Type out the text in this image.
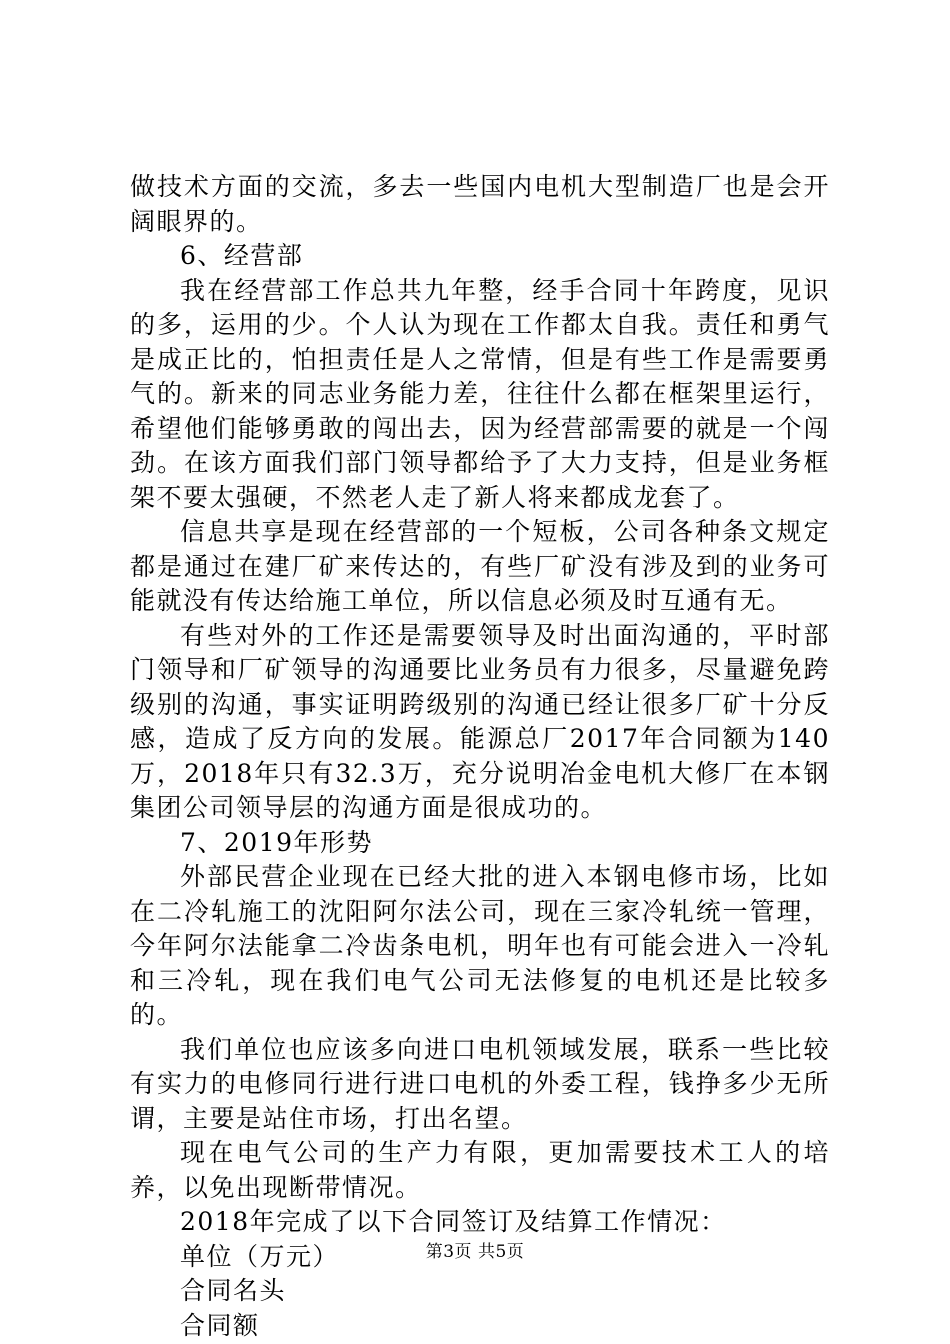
做技术方面的交流，多去一些国内电机大型制造厂也是会开阔眼界的。

6、经营部

我在经营部工作总共九年整，经手合同十年跨度，见识的多，运用的少。个人认为现在工作都太自我。责任和勇气是成正比的，怕担责任是人之常情，但是有些工作是需要勇气的。新来的同志业务能力差，往往什么都在框架里运行，希望他们能够勇敢的闯出去，因为经营部需要的就是一个闯劲。在该方面我们部门领导都给予了大力支持，但是业务框架不要太强硬，不然老人走了新人将来都成龙套了。

信息共享是现在经营部的一个短板，公司各种条文规定都是通过在建厂矿来传达的，有些厂矿没有涉及到的业务可能就没有传达给施工单位，所以信息必须及时互通有无。

有些对外的工作还是需要领导及时出面沟通的，平时部门领导和厂矿领导的沟通要比业务员有力很多，尽量避免跨级别的沟通，事实证明跨级别的沟通已经让很多厂矿十分反感，造成了反方向的发展。能源总厂2017年合同额为140万，2018年只有32.3万，充分说明冶金电机大修厂在本钢集团公司领导层的沟通方面是很成功的。

7、2019年形势

外部民营企业现在已经大批的进入本钢电修市场，比如在二冷轧施工的沈阳阿尔法公司，现在三家冷轧统一管理，今年阿尔法能拿二冷齿条电机，明年也有可能会进入一冷轧和三冷轧，现在我们电气公司无法修复的电机还是比较多的。

我们单位也应该多向进口电机领域发展，联系一些比较有实力的电修同行进行进口电机的外委工程，钱挣多少无所谓，主要是站住市场，打出名望。

现在电气公司的生产力有限，更加需要技术工人的培养，以免出现断带情况。

2018年完成了以下合同签订及结算工作情况：

单位（万元）

合同名头

合同额

第3页 共5页
